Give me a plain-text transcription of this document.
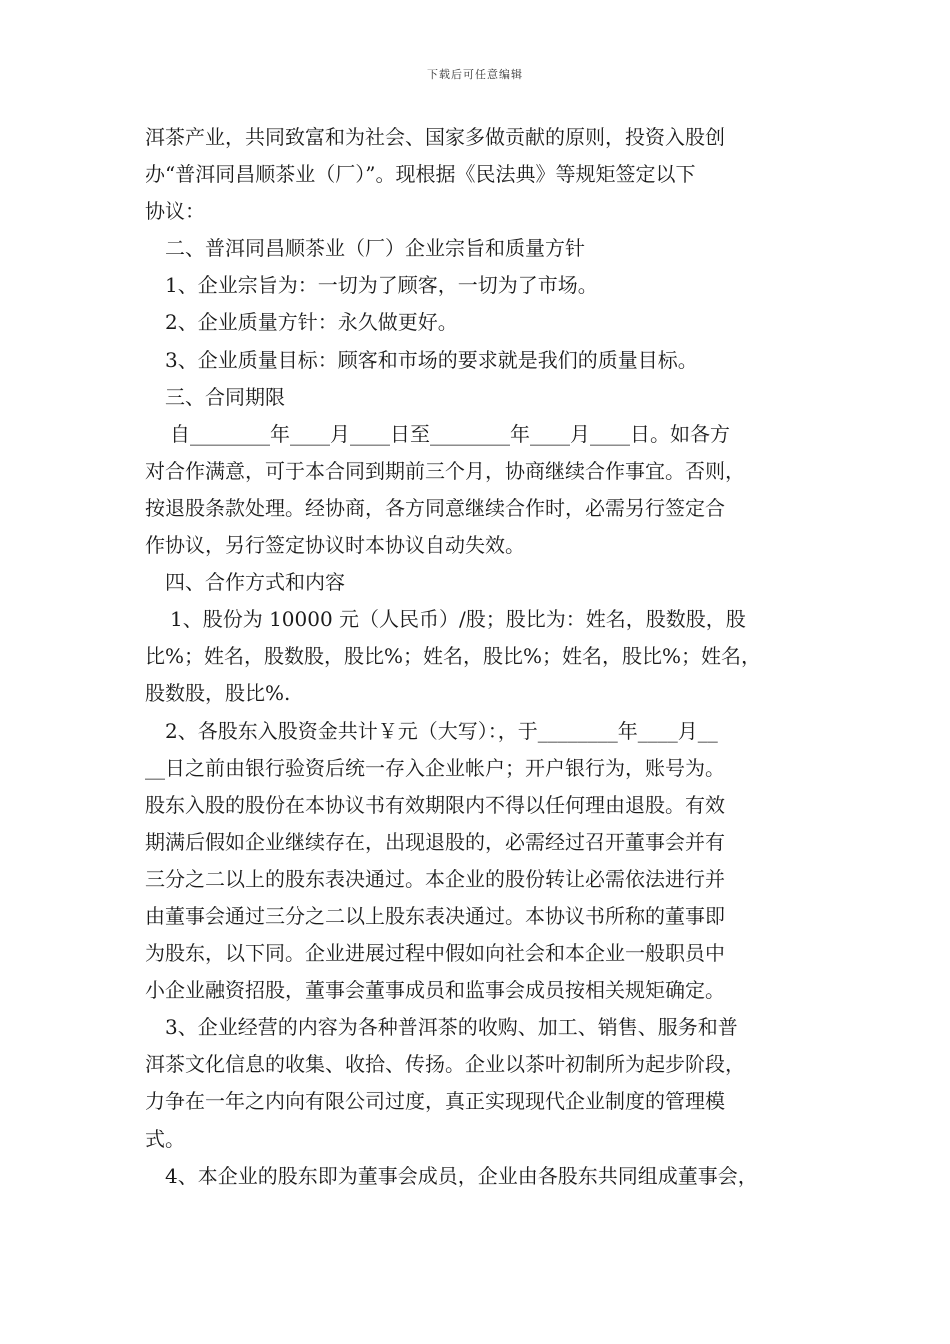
下载后可任意编辑
洱茶产业，共同致富和为社会、国家多做贡献的原则，投资入股创
办“普洱同昌顺茶业（厂）”。现根据《民法典》等规矩签定以下
协议：
二、普洱同昌顺茶业（厂）企业宗旨和质量方针
1、企业宗旨为：一切为了顾客，一切为了市场。
2、企业质量方针：永久做更好。
3、企业质量目标：顾客和市场的要求就是我们的质量目标。
三、合同期限
自________年____月____日至________年____月____日。如各方
对合作满意，可于本合同到期前三个月，协商继续合作事宜。否则，
按退股条款处理。经协商，各方同意继续合作时，必需另行签定合
作协议，另行签定协议时本协议自动失效。
四、合作方式和内容
1、股份为 10000 元（人民币）/股；股比为：姓名，股数股，股
比%；姓名，股数股，股比%；姓名，股比%；姓名，股比%；姓名，
股数股，股比%.
2、各股东入股资金共计￥元（大写）：，于________年____月__
__日之前由银行验资后统一存入企业帐户；开户银行为，账号为。
股东入股的股份在本协议书有效期限内不得以任何理由退股。有效
期满后假如企业继续存在，出现退股的，必需经过召开董事会并有
三分之二以上的股东表决通过。本企业的股份转让必需依法进行并
由董事会通过三分之二以上股东表决通过。本协议书所称的董事即
为股东，以下同。企业进展过程中假如向社会和本企业一般职员中
小企业融资招股，董事会董事成员和监事会成员按相关规矩确定。
3、企业经营的内容为各种普洱茶的收购、加工、销售、服务和普
洱茶文化信息的收集、收拾、传扬。企业以茶叶初制所为起步阶段，
力争在一年之内向有限公司过度，真正实现现代企业制度的管理模
式。
4、本企业的股东即为董事会成员，企业由各股东共同组成董事会，
